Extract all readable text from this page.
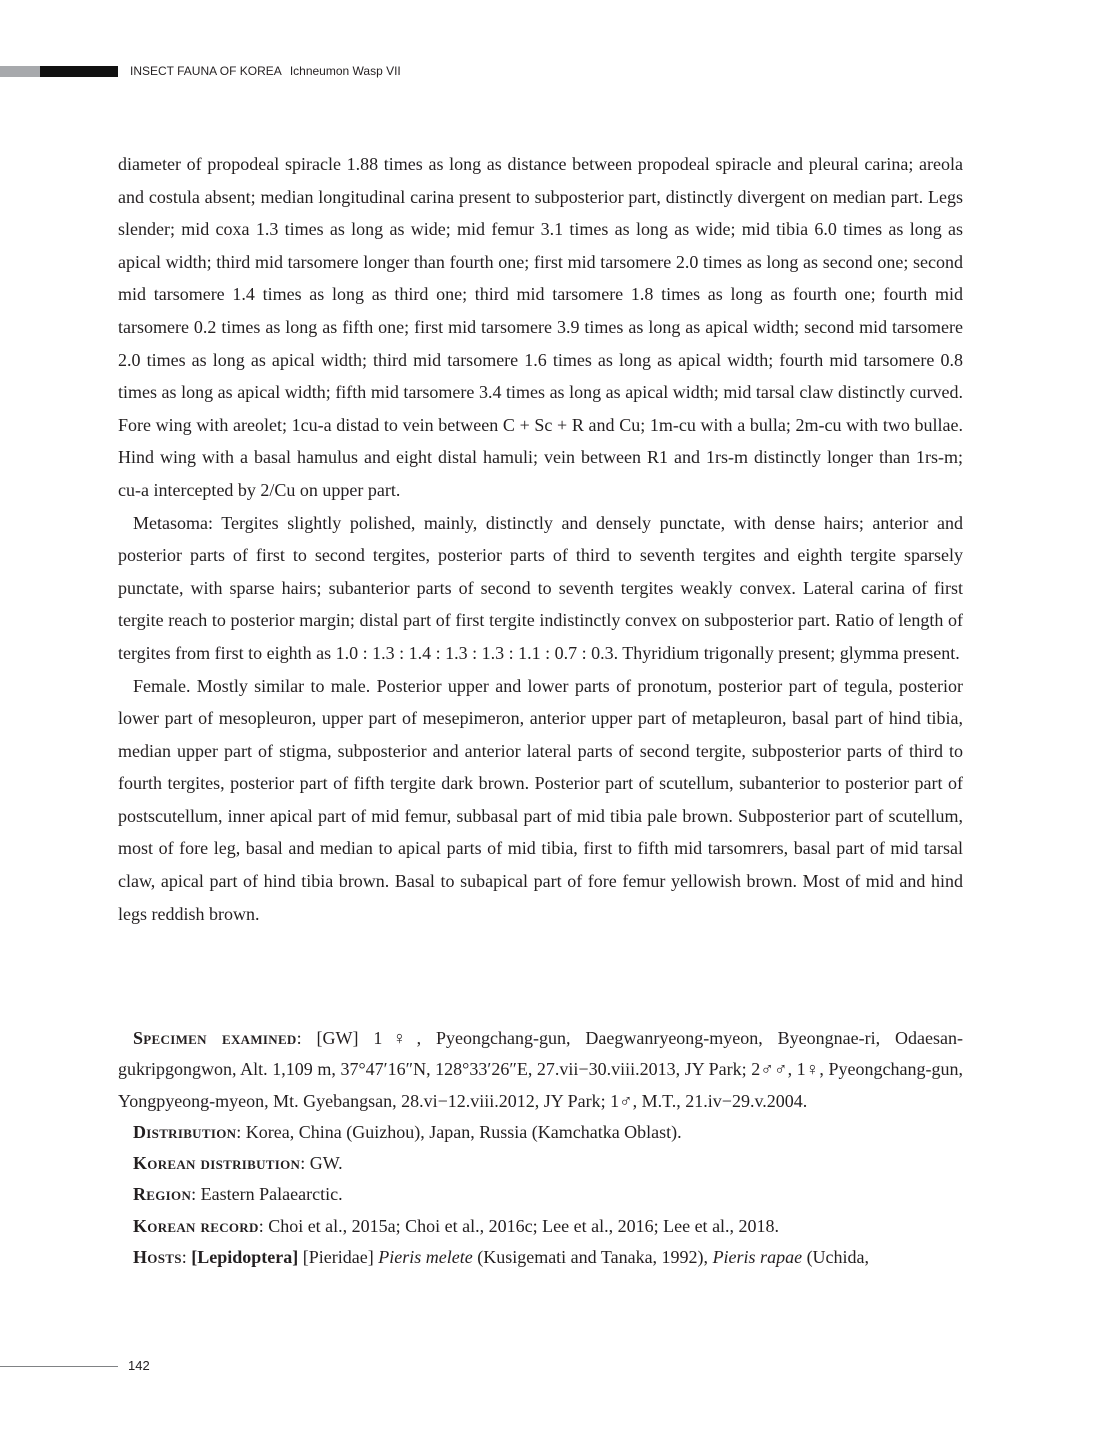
INSECT FAUNA OF KOREA Ichneumon Wasp VII

diameter of propodeal spiracle 1.88 times as long as distance between propodeal spiracle and pleural carina; areola and costula absent; median longitudinal carina present to subposterior part, distinctly divergent on median part. Legs slender; mid coxa 1.3 times as long as wide; mid femur 3.1 times as long as wide; mid tibia 6.0 times as long as apical width; third mid tarsomere longer than fourth one; first mid tarsomere 2.0 times as long as second one; second mid tarsomere 1.4 times as long as third one; third mid tarsomere 1.8 times as long as fourth one; fourth mid tarsomere 0.2 times as long as fifth one; first mid tarsomere 3.9 times as long as apical width; second mid tarsomere 2.0 times as long as apical width; third mid tarsomere 1.6 times as long as apical width; fourth mid tarsomere 0.8 times as long as apical width; fifth mid tarsomere 3.4 times as long as apical width; mid tarsal claw distinctly curved. Fore wing with areolet; 1cu-a distad to vein between C + Sc + R and Cu; 1m-cu with a bulla; 2m-cu with two bullae. Hind wing with a basal hamulus and eight distal hamuli; vein between R1 and 1rs-m distinctly longer than 1rs-m; cu-a intercepted by 2/Cu on upper part.

Metasoma: Tergites slightly polished, mainly, distinctly and densely punctate, with dense hairs; anterior and posterior parts of first to second tergites, posterior parts of third to seventh tergites and eighth tergite sparsely punctate, with sparse hairs; subanterior parts of second to seventh tergites weakly convex. Lateral carina of first tergite reach to posterior margin; distal part of first tergite indistinctly convex on subposterior part. Ratio of length of tergites from first to eighth as 1.0 : 1.3 : 1.4 : 1.3 : 1.3 : 1.1 : 0.7 : 0.3. Thyridium trigonally present; glymma present.

Female. Mostly similar to male. Posterior upper and lower parts of pronotum, posterior part of tegula, posterior lower part of mesopleuron, upper part of mesepimeron, anterior upper part of metapleuron, basal part of hind tibia, median upper part of stigma, subposterior and anterior lateral parts of second tergite, subposterior parts of third to fourth tergites, posterior part of fifth tergite dark brown. Posterior part of scutellum, subanterior to posterior part of postscutellum, inner apical part of mid femur, subbasal part of mid tibia pale brown. Subposterior part of scutellum, most of fore leg, basal and median to apical parts of mid tibia, first to fifth mid tarsomrers, basal part of mid tarsal claw, apical part of hind tibia brown. Basal to subapical part of fore femur yellowish brown. Most of mid and hind legs reddish brown.

Specimen examined: [GW] 1♀, Pyeongchang-gun, Daegwanryeong-myeon, Byeongnae-ri, Odaesan-gukripgongwon, Alt. 1,109 m, 37°47′16″N, 128°33′26″E, 27.vii−30.viii.2013, JY Park; 2♂♂, 1♀, Pyeongchang-gun, Yongpyeong-myeon, Mt. Gyebangsan, 28.vi−12.viii.2012, JY Park; 1♂, M.T., 21.iv−29.v.2004.

Distribution: Korea, China (Guizhou), Japan, Russia (Kamchatka Oblast).

Korean distribution: GW.

Region: Eastern Palaearctic.

Korean record: Choi et al., 2015a; Choi et al., 2016c; Lee et al., 2016; Lee et al., 2018.

Hosts: [Lepidoptera] [Pieridae] Pieris melete (Kusigemati and Tanaka, 1992), Pieris rapae (Uchida,

142
